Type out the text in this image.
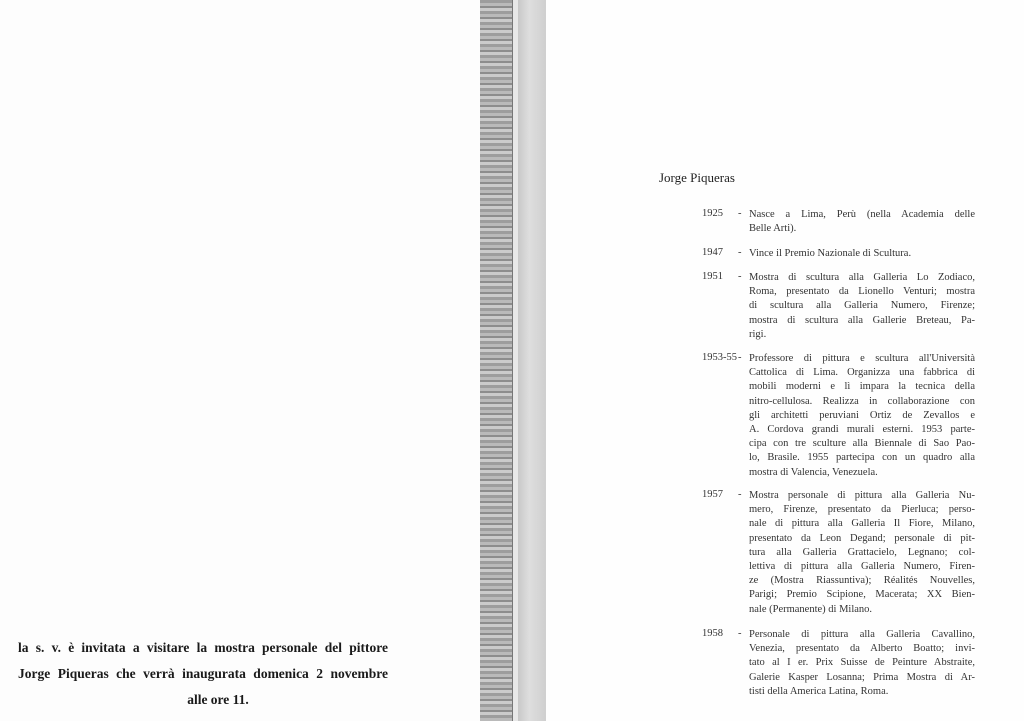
la s. v. è invitata a visitare la mostra personale del pittore
Jorge Piqueras che verrà inaugurata domenica 2 novembre
alle ore 11.
Jorge Piqueras
1925 - Nasce a Lima, Perù (nella Academia delle
Belle Arti).
1947 - Vince il Premio Nazionale di Scultura.
1951 - Mostra di scultura alla Galleria Lo Zodiaco,
Roma, presentato da Lionello Venturi; mostra
di scultura alla Galleria Numero, Firenze;
mostra di scultura alla Gallerie Breteau, Pa-
rigi.
1953-55 - Professore di pittura e scultura all'Università
Cattolica di Lima. Organizza una fabbrica di
mobili moderni e lì impara la tecnica della
nitro-cellulosa. Realizza in collaborazione con
gli architetti peruviani Ortiz de Zevallos e
A. Cordova grandi murali esterni. 1953 parte-
cipa con tre sculture alla Biennale di Sao Pao-
lo, Brasile. 1955 partecipa con un quadro alla
mostra di Valencia, Venezuela.
1957 - Mostra personale di pittura alla Galleria Nu-
mero, Firenze, presentato da Pierluca; perso-
nale di pittura alla Galleria Il Fiore, Milano,
presentato da Leon Degand; personale di pit-
tura alla Galleria Grattacielo, Legnano; col-
lettiva di pittura alla Galleria Numero, Firen-
ze (Mostra Riassuntiva); Réalités Nouvelles,
Parigi; Premio Scipione, Macerata; XX Bien-
nale (Permanente) di Milano.
1958 - Personale di pittura alla Galleria Cavallino,
Venezia, presentato da Alberto Boatto; invi-
tato al I er. Prix Suisse de Peinture Abstraite,
Galerie Kasper Losanna; Prima Mostra di Ar-
tisti della America Latina, Roma.
